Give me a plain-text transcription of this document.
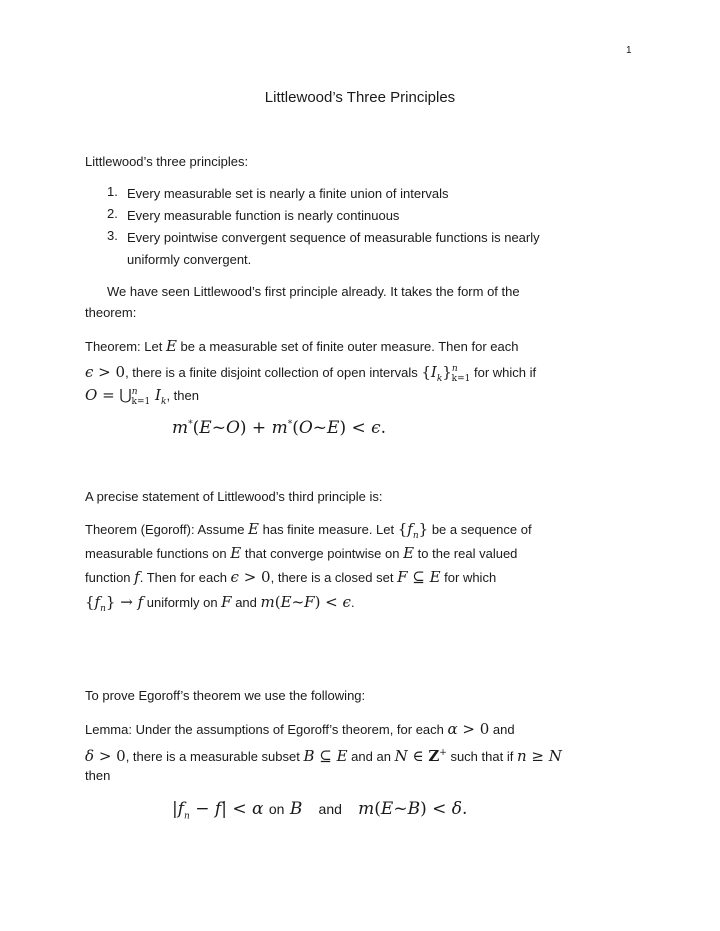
1
Littlewood’s Three Principles
Littlewood’s three principles:
1. Every measurable set is nearly a finite union of intervals
2. Every measurable function is nearly continuous
3. Every pointwise convergent sequence of measurable functions is nearly
uniformly convergent.
We have seen Littlewood’s first principle already. It takes the form of the
theorem:
Theorem: Let E be a measurable set of finite outer measure. Then for each
ϵ > 0, there is a finite disjoint collection of open intervals $\{I_k\}^n_{k=1}$ for which if
O = ⋃$^n_{k=1}$ $I_k$, then
m*(E~O) + m*(O~E) < ϵ.
A precise statement of Littlewood’s third principle is:
Theorem (Egoroff): Assume E has finite measure. Let $\{f_n\}$ be a sequence of
measurable functions on E that converge pointwise on E to the real valued
function f. Then for each ϵ > 0, there is a closed set F ⊆ E for which
$\{f_n\} \to f$ uniformly on F and m(E~F) < ϵ.
To prove Egoroff’s theorem we use the following:
Lemma: Under the assumptions of Egoroff’s theorem, for each α > 0 and
δ > 0, there is a measurable subset B ⊆ E and an N ∈ Z+ such that if n ≥ N
then
$|f_n - f| < \alpha$ on B   and   m(E~B) < δ.
